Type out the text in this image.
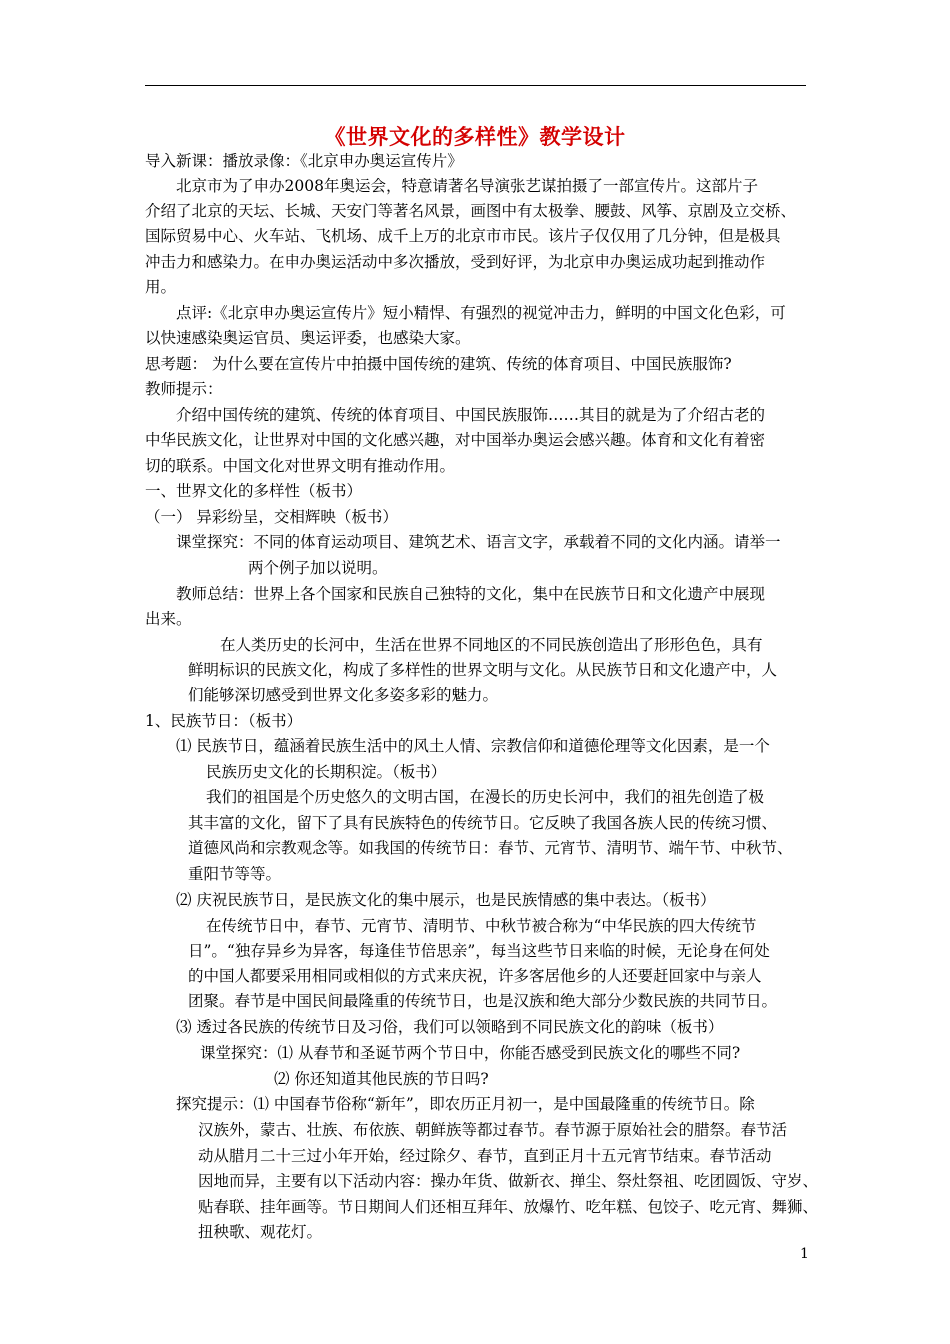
《世界文化的多样性》教学设计
导入新课：播放录像：《北京申办奥运宣传片》
北京市为了申办2008年奥运会，特意请著名导演张艺谋拍摄了一部宣传片。这部片子
介绍了北京的天坛、长城、天安门等著名风景，画图中有太极拳、腰鼓、风筝、京剧及立交桥、
国际贸易中心、火车站、飞机场、成千上万的北京市市民。该片子仅仅用了几分钟，但是极具
冲击力和感染力。在申办奥运活动中多次播放，受到好评，为北京申办奥运成功起到推动作
用。
点评:《北京申办奥运宣传片》短小精悍、有强烈的视觉冲击力，鲜明的中国文化色彩，可
以快速感染奥运官员、奥运评委，也感染大家。
思考题： 为什么要在宣传片中拍摄中国传统的建筑、传统的体育项目、中国民族服饰?
教师提示：
介绍中国传统的建筑、传统的体育项目、中国民族服饰……其目的就是为了介绍古老的
中华民族文化，让世界对中国的文化感兴趣，对中国举办奥运会感兴趣。体育和文化有着密
切的联系。中国文化对世界文明有推动作用。
一、世界文化的多样性（板书）
（一） 异彩纷呈，交相辉映（板书）
课堂探究：不同的体育运动项目、建筑艺术、语言文字，承载着不同的文化内涵。请举一
两个例子加以说明。
教师总结：世界上各个国家和民族自己独特的文化，集中在民族节日和文化遗产中展现
出来。
在人类历史的长河中，生活在世界不同地区的不同民族创造出了形形色色，具有
鲜明标识的民族文化，构成了多样性的世界文明与文化。从民族节日和文化遗产中，人
们能够深切感受到世界文化多姿多彩的魅力。
1、民族节日：（板书）
⑴ 民族节日，蕴涵着民族生活中的风土人情、宗教信仰和道德伦理等文化因素，是一个
民族历史文化的长期积淀。（板书）
我们的祖国是个历史悠久的文明古国，在漫长的历史长河中，我们的祖先创造了极
其丰富的文化，留下了具有民族特色的传统节日。它反映了我国各族人民的传统习惯、
道德风尚和宗教观念等。如我国的传统节日：春节、元宵节、清明节、端午节、中秋节、
重阳节等等。
⑵ 庆祝民族节日，是民族文化的集中展示，也是民族情感的集中表达。（板书）
在传统节日中，春节、元宵节、清明节、中秋节被合称为“中华民族的四大传统节
日”。“独存异乡为异客，每逢佳节倍思亲”，每当这些节日来临的时候，无论身在何处
的中国人都要采用相同或相似的方式来庆祝，许多客居他乡的人还要赶回家中与亲人
团聚。春节是中国民间最隆重的传统节日，也是汉族和绝大部分少数民族的共同节日。
⑶ 透过各民族的传统节日及习俗，我们可以领略到不同民族文化的韵味（板书）
课堂探究：⑴ 从春节和圣诞节两个节日中，你能否感受到民族文化的哪些不同?
⑵ 你还知道其他民族的节日吗?
探究提示：⑴ 中国春节俗称“新年”，即农历正月初一，是中国最隆重的传统节日。除
汉族外，蒙古、壮族、布依族、朝鲜族等都过春节。春节源于原始社会的腊祭。春节活
动从腊月二十三过小年开始，经过除夕、春节，直到正月十五元宵节结束。春节活动
因地而异，主要有以下活动内容：操办年货、做新衣、掸尘、祭灶祭祖、吃团圆饭、守岁、
贴春联、挂年画等。节日期间人们还相互拜年、放爆竹、吃年糕、包饺子、吃元宵、舞狮、
扭秧歌、观花灯。
1
